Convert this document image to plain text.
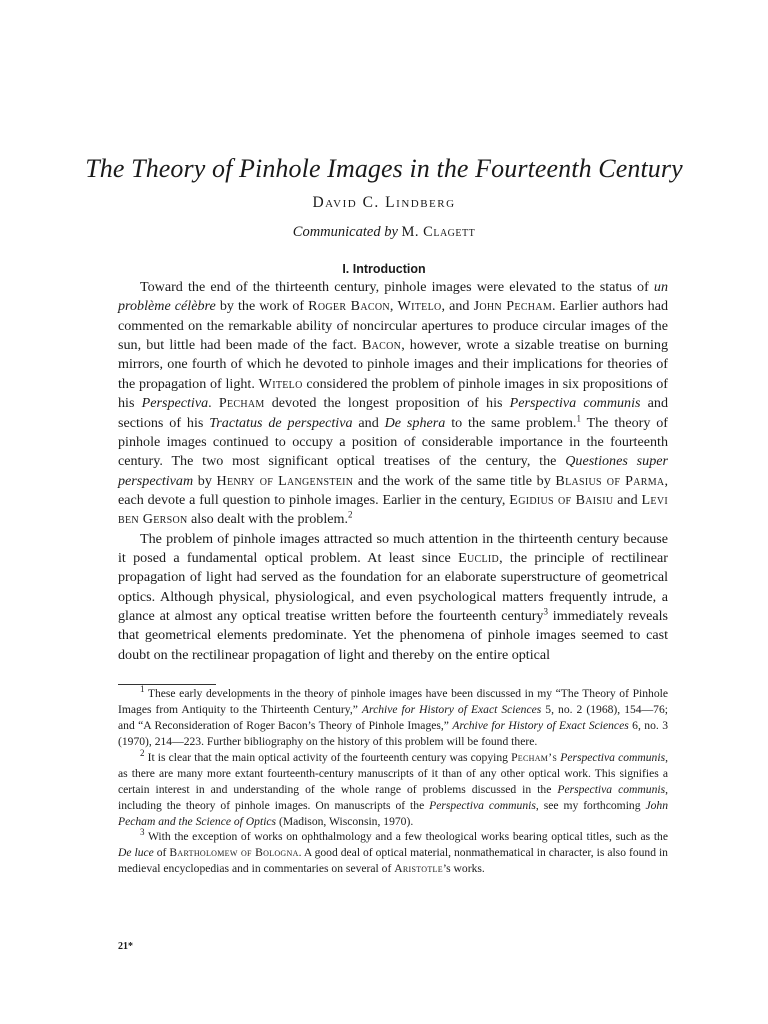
The Theory of Pinhole Images in the Fourteenth Century
David C. Lindberg
Communicated by M. Clagett
I. Introduction

Toward the end of the thirteenth century, pinhole images were elevated to the status of un problème célèbre by the work of Roger Bacon, Witelo, and John Pecham. Earlier authors had commented on the remarkable ability of noncircular apertures to produce circular images of the sun, but little had been made of the fact. Bacon, however, wrote a sizable treatise on burning mirrors, one fourth of which he devoted to pinhole images and their implications for theories of the propagation of light. Witelo considered the problem of pinhole images in six propositions of his Perspectiva. Pecham devoted the longest proposition of his Perspectiva communis and sections of his Tractatus de perspectiva and De sphera to the same problem.$^1$ The theory of pinhole images continued to occupy a position of considerable importance in the fourteenth century. The two most significant optical treatises of the century, the Questiones super perspectivam by Henry of Langenstein and the work of the same title by Blasius of Parma, each devote a full question to pinhole images. Earlier in the century, Egidius of Baisiu and Levi ben Gerson also dealt with the problem.$^2$

The problem of pinhole images attracted so much attention in the thirteenth century because it posed a fundamental optical problem. At least since Euclid, the principle of rectilinear propagation of light had served as the foundation for an elaborate superstructure of geometrical optics. Although physical, physiological, and even psychological matters frequently intrude, a glance at almost any optical treatise written before the fourteenth century$^3$ immediately reveals that geometrical elements predominate. Yet the phenomena of pinhole images seemed to cast doubt on the rectilinear propagation of light and thereby on the entire optical

$^1$ These early developments in the theory of pinhole images have been discussed in my “The Theory of Pinhole Images from Antiquity to the Thirteenth Century,” Archive for History of Exact Sciences 5, no. 2 (1968), 154—76; and “A Reconsideration of Roger Bacon’s Theory of Pinhole Images,” Archive for History of Exact Sciences 6, no. 3 (1970), 214—223. Further bibliography on the history of this problem will be found there.

$^2$ It is clear that the main optical activity of the fourteenth century was copying Pecham’s Perspectiva communis, as there are many more extant fourteenth-century manuscripts of it than of any other optical work. This signifies a certain interest in and understanding of the whole range of problems discussed in the Perspectiva communis, including the theory of pinhole images. On manuscripts of the Perspectiva communis, see my forthcoming John Pecham and the Science of Optics (Madison, Wisconsin, 1970).

$^3$ With the exception of works on ophthalmology and a few theological works bearing optical titles, such as the De luce of Bartholomew of Bologna. A good deal of optical material, nonmathematical in character, is also found in medieval encyclopedias and in commentaries on several of Aristotle’s works.

21*
